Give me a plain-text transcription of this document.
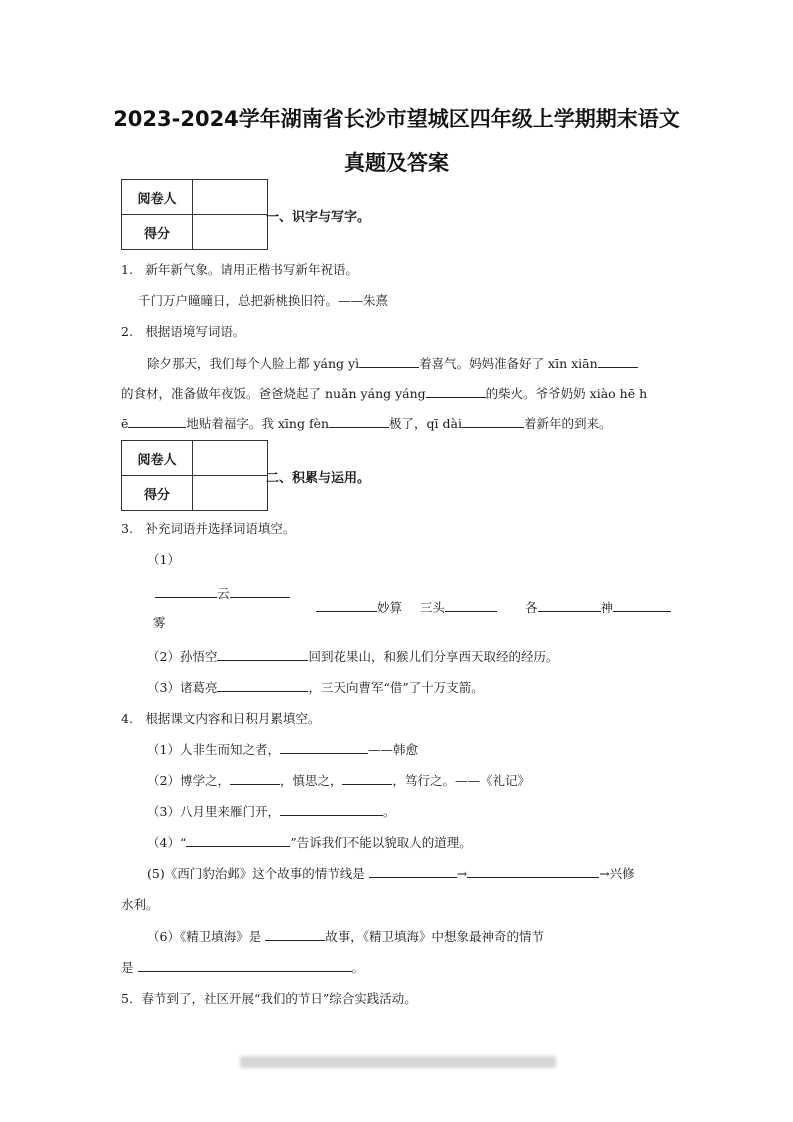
2023-2024学年湖南省长沙市望城区四年级上学期期末语文
真题及答案
阅卷人	
得分	
一、识字与写字。
1.　新年新气象。请用正楷书写新年祝语。
千门万户曈曈日，总把新桃换旧符。——朱熹
2.　根据语境写词语。
除夕那天，我们每个人脸上都 yáng yì	着喜气。妈妈准备好了 xīn xiān
的食材，准备做年夜饭。爸爸烧起了 nuǎn yáng yáng	的柴火。爷爷奶奶 xiào hē h
ē	地贴着福字。我 xīng fèn	极了，qī dài	着新年的到来。
阅卷人	
得分	
二、积累与运用。
3.　补充词语并选择词语填空。
（1）
云
雾
妙算 三头	各	神
（2）孙悟空	回到花果山，和猴儿们分享西天取经的经历。
（3）诸葛亮	，三天向曹军“借”了十万支箭。
4.　根据课文内容和日积月累填空。
（1）人非生而知之者，	——韩愈
（2）博学之，	，慎思之，	，笃行之。——《礼记》
（3）八月里来雁门开，	。
（4）“	”告诉我们不能以貌取人的道理。
(5)《西门豹治邺》这个故事的情节线是	→	→兴修
水利。
（6）《精卫填海》是	故事，《精卫填海》中想象最神奇的情节
是	。
5．春节到了，社区开展“我们的节日”综合实践活动。
